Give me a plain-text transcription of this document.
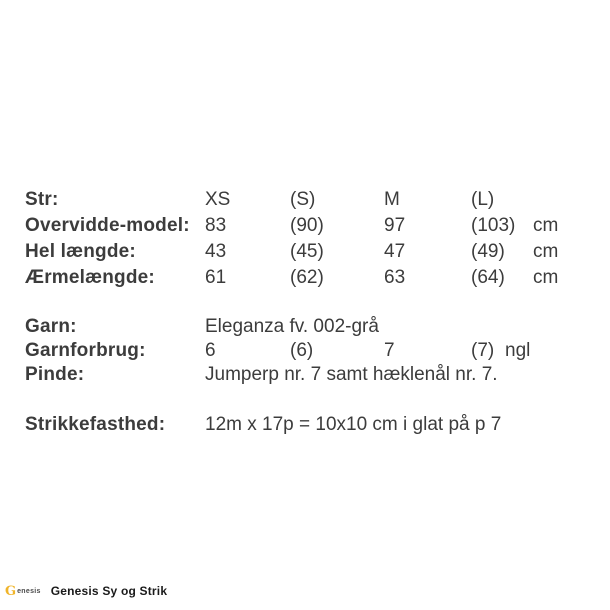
Str:	XS	(S)	M	(L)
Overvidde-model: 83	(90)	97	(103) cm
Hel længde:	43	(45)	47	(49) cm
Ærmelængde:	61	(62)	63	(64) cm
Garn:	Eleganza fv. 002-grå
Garnforbrug:	6	(6)	7	(7) ngl
Pinde:	Jumperp nr. 7 samt hæklenål nr. 7.
Strikkefasthed: 12m x 17p = 10x10 cm i glat på p 7
G enesis Genesis Sy og Strik
